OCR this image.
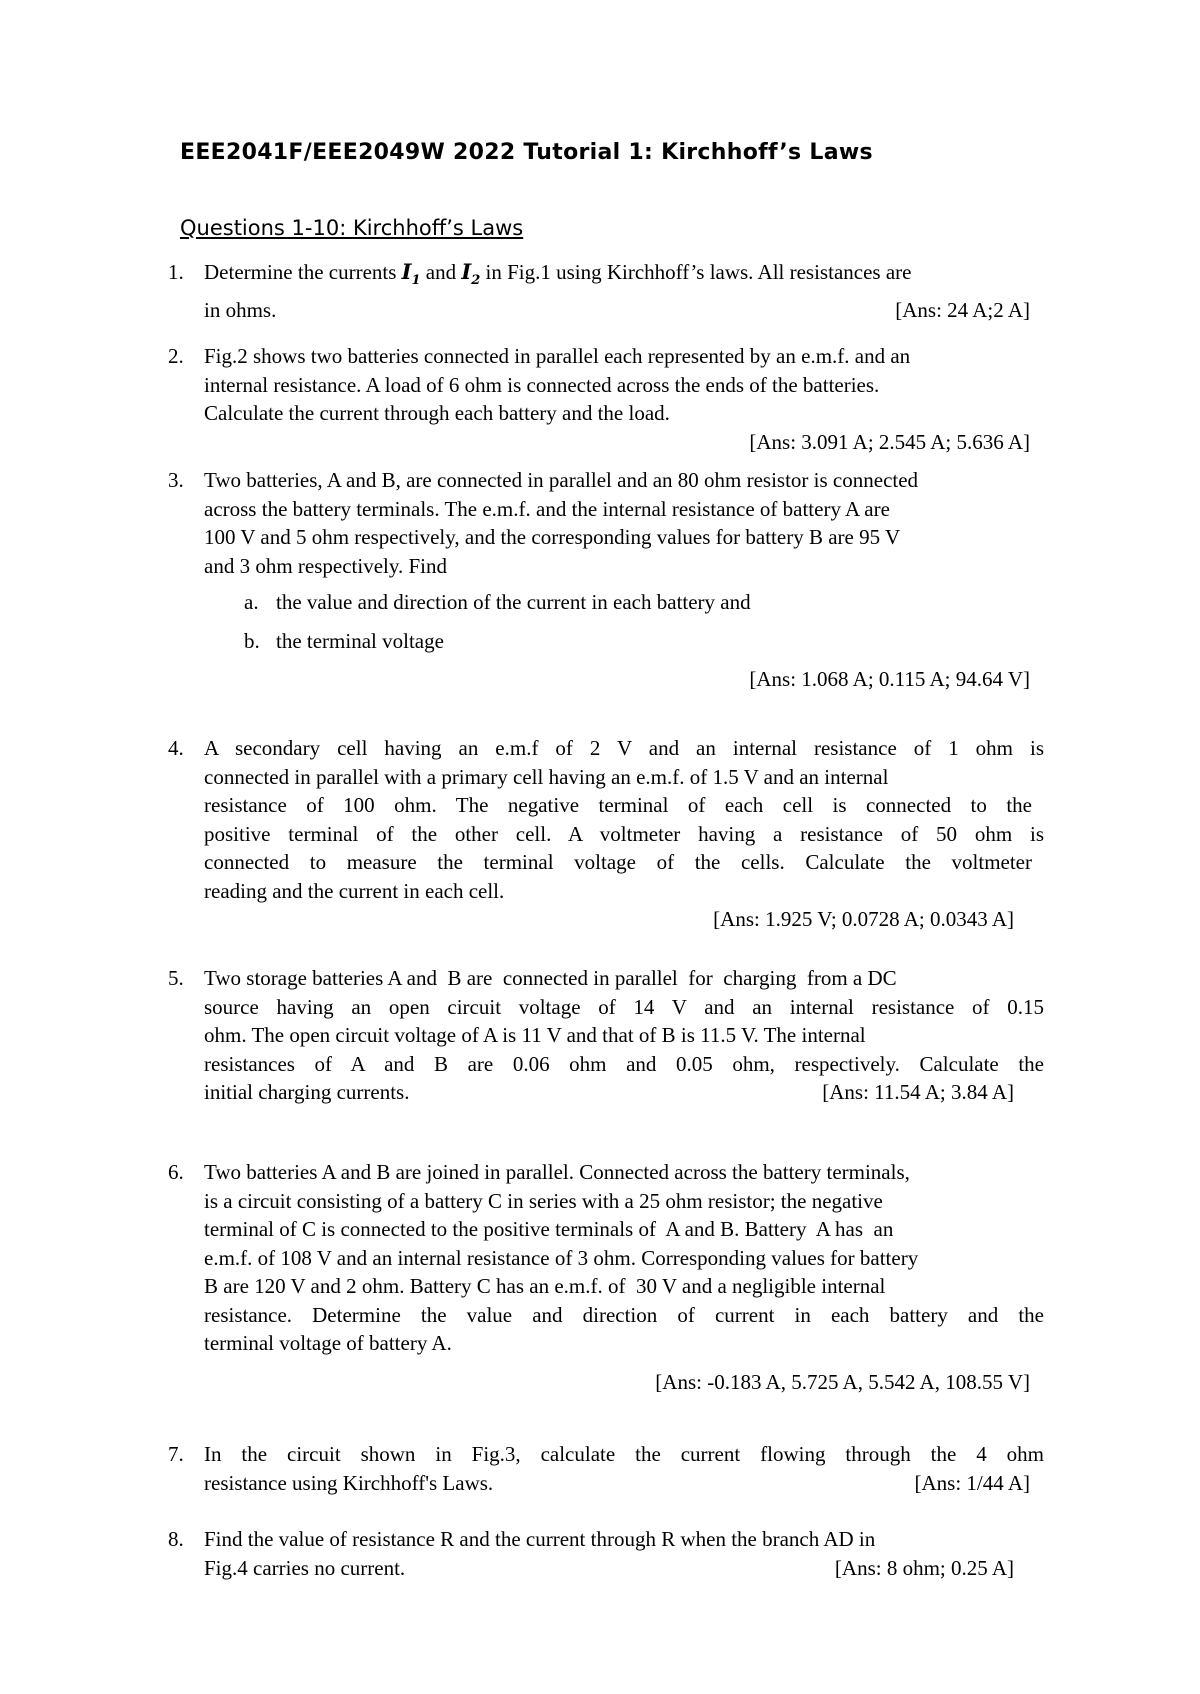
EEE2041F/EEE2049W 2022 Tutorial 1: Kirchhoff’s Laws
Questions 1-10: Kirchhoff’s Laws
1. Determine the currents $I_1$ and $I_2$ in Fig.1 using Kirchhoff’s laws. All resistances are
in ohms.	[Ans: 24 A;2 A]
2. Fig.2 shows two batteries connected in parallel each represented by an e.m.f. and an
internal resistance. A load of 6 ohm is connected across the ends of the batteries.
Calculate the current through each battery and the load.
[Ans: 3.091 A; 2.545 A; 5.636 A]
3. Two batteries, A and B, are connected in parallel and an 80 ohm resistor is connected
across the battery terminals. The e.m.f. and the internal resistance of battery A are
100 V and 5 ohm respectively, and the corresponding values for battery B are 95 V
and 3 ohm respectively. Find
a. the value and direction of the current in each battery and
b. the terminal voltage
[Ans: 1.068 A; 0.115 A; 94.64 V]
4. A secondary cell having an e.m.f of 2 V and an internal resistance of 1 ohm is
connected in parallel with a primary cell having an e.m.f. of 1.5 V and an internal
resistance of 100 ohm. The negative terminal of each cell is connected to the
positive terminal of the other cell. A voltmeter having a resistance of 50 ohm is
connected to measure the terminal voltage of the cells. Calculate the voltmeter
reading and the current in each cell.
[Ans: 1.925 V; 0.0728 A; 0.0343 A]
5. Two storage batteries A and  B are  connected in parallel  for  charging  from a DC
source having an open circuit voltage of 14 V and an internal resistance of 0.15
ohm. The open circuit voltage of A is 11 V and that of B is 11.5 V. The internal
resistances of A and B are 0.06 ohm and 0.05 ohm, respectively. Calculate the
initial charging currents.	[Ans: 11.54 A; 3.84 A]
6. Two batteries A and B are joined in parallel. Connected across the battery terminals,
is a circuit consisting of a battery C in series with a 25 ohm resistor; the negative
terminal of C is connected to the positive terminals of  A and B. Battery  A has  an
e.m.f. of 108 V and an internal resistance of 3 ohm. Corresponding values for battery
B are 120 V and 2 ohm. Battery C has an e.m.f. of  30 V and a negligible internal
resistance. Determine the value and direction of current in each battery and the
terminal voltage of battery A.
[Ans: -0.183 A, 5.725 A, 5.542 A, 108.55 V]
7. In the circuit shown in Fig.3, calculate the current flowing through the 4 ohm
resistance using Kirchhoff's Laws.	[Ans: 1/44 A]
8. Find the value of resistance R and the current through R when the branch AD in
Fig.4 carries no current.	[Ans: 8 ohm; 0.25 A]
